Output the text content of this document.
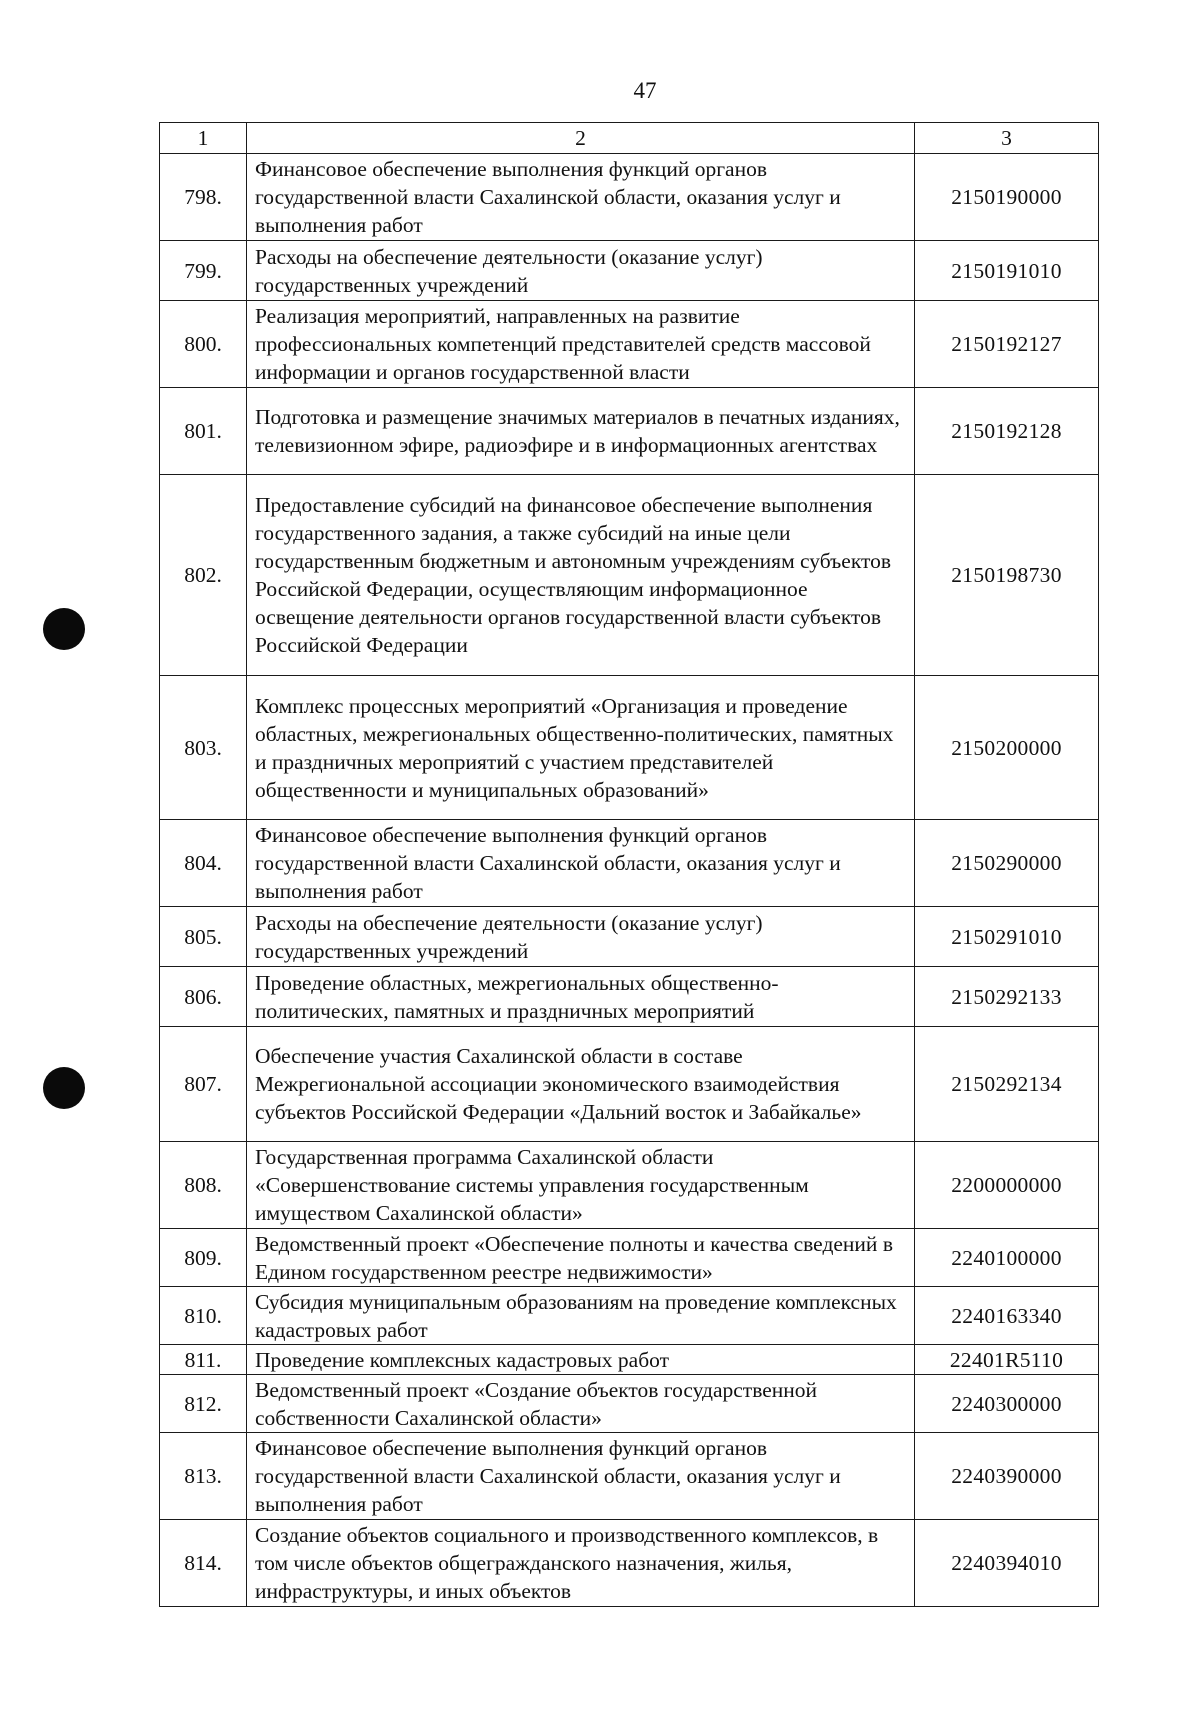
47
1	2	3
798.	Финансовое обеспечение выполнения функций органов государственной власти Сахалинской области, оказания услуг и выполнения работ	2150190000
799.	Расходы на обеспечение деятельности (оказание услуг) государственных учреждений	2150191010
800.	Реализация мероприятий, направленных на развитие профессиональных компетенций представителей средств массовой информации и органов государственной власти	2150192127
801.	Подготовка и размещение значимых материалов в печатных изданиях, телевизионном эфире, радиоэфире и в информационных агентствах	2150192128
802.	Предоставление субсидий на финансовое обеспечение выполнения государственного задания, а также субсидий на иные цели государственным бюджетным и автономным учреждениям субъектов Российской Федерации, осуществляющим информационное освещение деятельности органов государственной власти субъектов Российской Федерации	2150198730
803.	Комплекс процессных мероприятий «Организация и проведение областных, межрегиональных общественно-политических, памятных и праздничных мероприятий с участием представителей общественности и муниципальных образований»	2150200000
804.	Финансовое обеспечение выполнения функций органов государственной власти Сахалинской области, оказания услуг и выполнения работ	2150290000
805.	Расходы на обеспечение деятельности (оказание услуг) государственных учреждений	2150291010
806.	Проведение областных, межрегиональных общественно-политических, памятных и праздничных мероприятий	2150292133
807.	Обеспечение участия Сахалинской области в составе Межрегиональной ассоциации экономического взаимодействия субъектов Российской Федерации «Дальний восток и Забайкалье»	2150292134
808.	Государственная программа Сахалинской области «Совершенствование системы управления государственным имуществом Сахалинской области»	2200000000
809.	Ведомственный проект «Обеспечение полноты и качества сведений в Едином государственном реестре недвижимости»	2240100000
810.	Субсидия муниципальным образованиям на проведение комплексных кадастровых работ	2240163340
811.	Проведение комплексных кадастровых работ	22401R5110
812.	Ведомственный проект «Создание объектов государственной собственности Сахалинской области»	2240300000
813.	Финансовое обеспечение выполнения функций органов государственной власти Сахалинской области, оказания услуг и выполнения работ	2240390000
814.	Создание объектов социального и производственного комплексов, в том числе объектов общегражданского назначения, жилья, инфраструктуры, и иных объектов	2240394010
